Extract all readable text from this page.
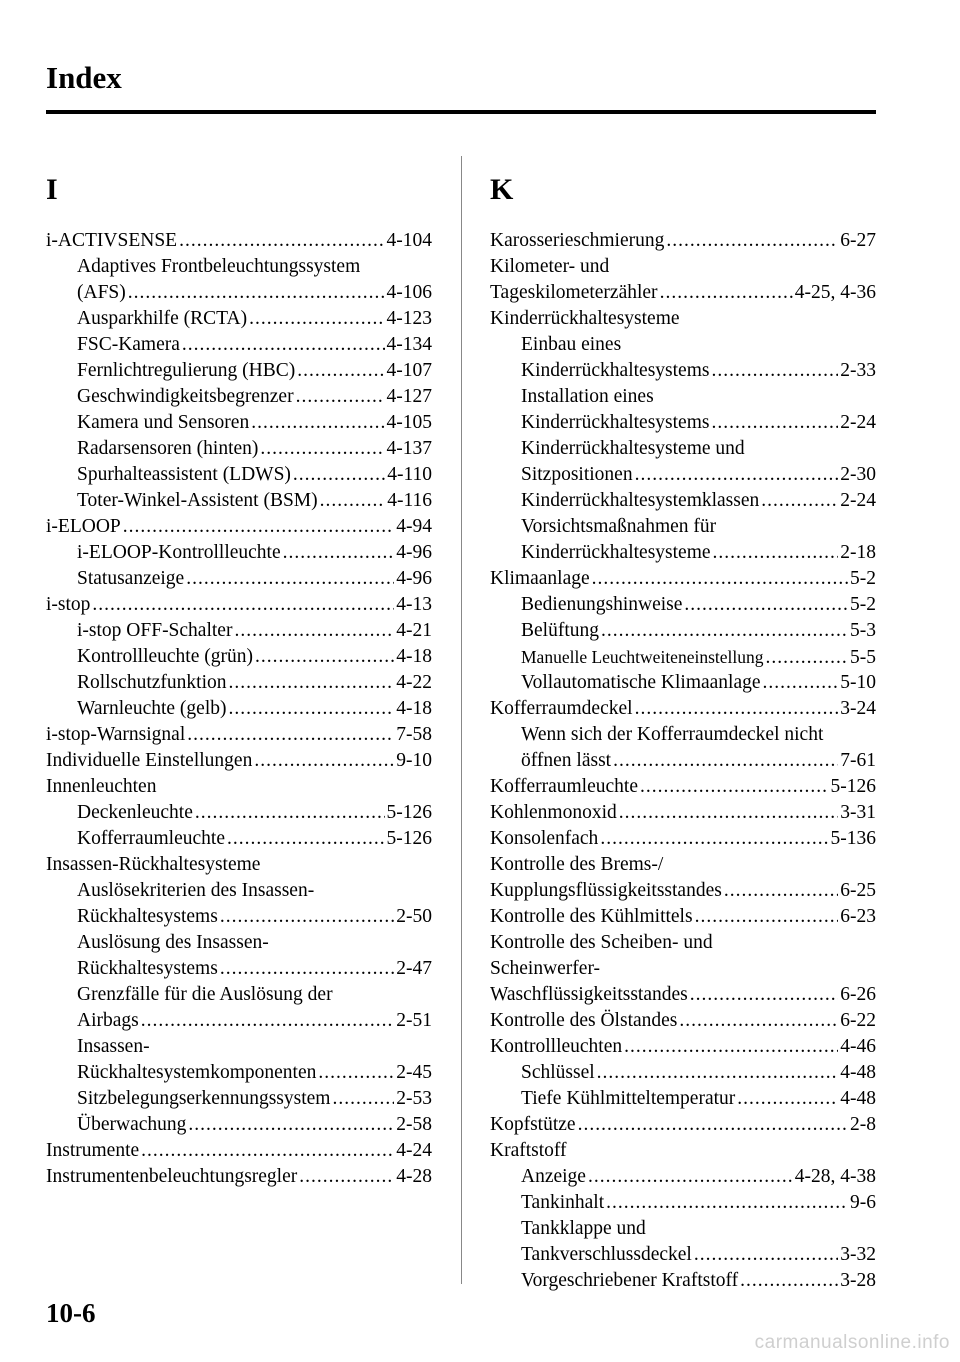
Index
I
i-ACTIVSENSE .....	4-104
Adaptives Frontbeleuchtungssystem
(AFS) .....	4-106
Ausparkhilfe (RCTA) .....	4-123
FSC-Kamera .....	4-134
Fernlichtregulierung (HBC) .....	4-107
Geschwindigkeitsbegrenzer .....	4-127
Kamera und Sensoren .....	4-105
Radarsensoren (hinten) .....	4-137
Spurhalteassistent (LDWS) .....	4-110
Toter-Winkel-Assistent (BSM) .....	4-116
i-ELOOP .....	4-94
i-ELOOP-Kontrollleuchte .....	4-96
Statusanzeige .....	4-96
i-stop .....	4-13
i-stop OFF-Schalter .....	4-21
Kontrollleuchte (grün) .....	4-18
Rollschutzfunktion .....	4-22
Warnleuchte (gelb) .....	4-18
i-stop-Warnsignal .....	7-58
Individuelle Einstellungen .....	9-10
Innenleuchten
Deckenleuchte .....	5-126
Kofferraumleuchte .....	5-126
Insassen-Rückhaltesysteme
Auslösekriterien des Insassen-
Rückhaltesystems .....	2-50
Auslösung des Insassen-
Rückhaltesystems .....	2-47
Grenzfälle für die Auslösung der
Airbags .....	2-51
Insassen-
Rückhaltesystemkomponenten .....	2-45
Sitzbelegungserkennungssystem .....	2-53
Überwachung .....	2-58
Instrumente .....	4-24
Instrumentenbeleuchtungsregler .....	4-28
K
Karosserieschmierung .....	6-27
Kilometer- und
Tageskilometerzähler .....	4-25, 4-36
Kinderrückhaltesysteme
Einbau eines
Kinderrückhaltesystems .....	2-33
Installation eines
Kinderrückhaltesystems .....	2-24
Kinderrückhaltesysteme und
Sitzpositionen .....	2-30
Kinderrückhaltesystemklassen .....	2-24
Vorsichtsmaßnahmen für
Kinderrückhaltesysteme .....	2-18
Klimaanlage .....	5-2
Bedienungshinweise .....	5-2
Belüftung .....	5-3
Manuelle Leuchtweiteneinstellung .....	5-5
Vollautomatische Klimaanlage .....	5-10
Kofferraumdeckel .....	3-24
Wenn sich der Kofferraumdeckel nicht
öffnen lässt .....	7-61
Kofferraumleuchte .....	5-126
Kohlenmonoxid .....	3-31
Konsolenfach .....	5-136
Kontrolle des Brems-/
Kupplungsflüssigkeitsstandes .....	6-25
Kontrolle des Kühlmittels .....	6-23
Kontrolle des Scheiben- und
Scheinwerfer-
Waschflüssigkeitsstandes .....	6-26
Kontrolle des Ölstandes .....	6-22
Kontrollleuchten .....	4-46
Schlüssel .....	4-48
Tiefe Kühlmitteltemperatur .....	4-48
Kopfstütze .....	2-8
Kraftstoff
Anzeige .....	4-28, 4-38
Tankinhalt .....	9-6
Tankklappe und
Tankverschlussdeckel .....	3-32
Vorgeschriebener Kraftstoff .....	3-28
10-6
carmanualsonline.info
